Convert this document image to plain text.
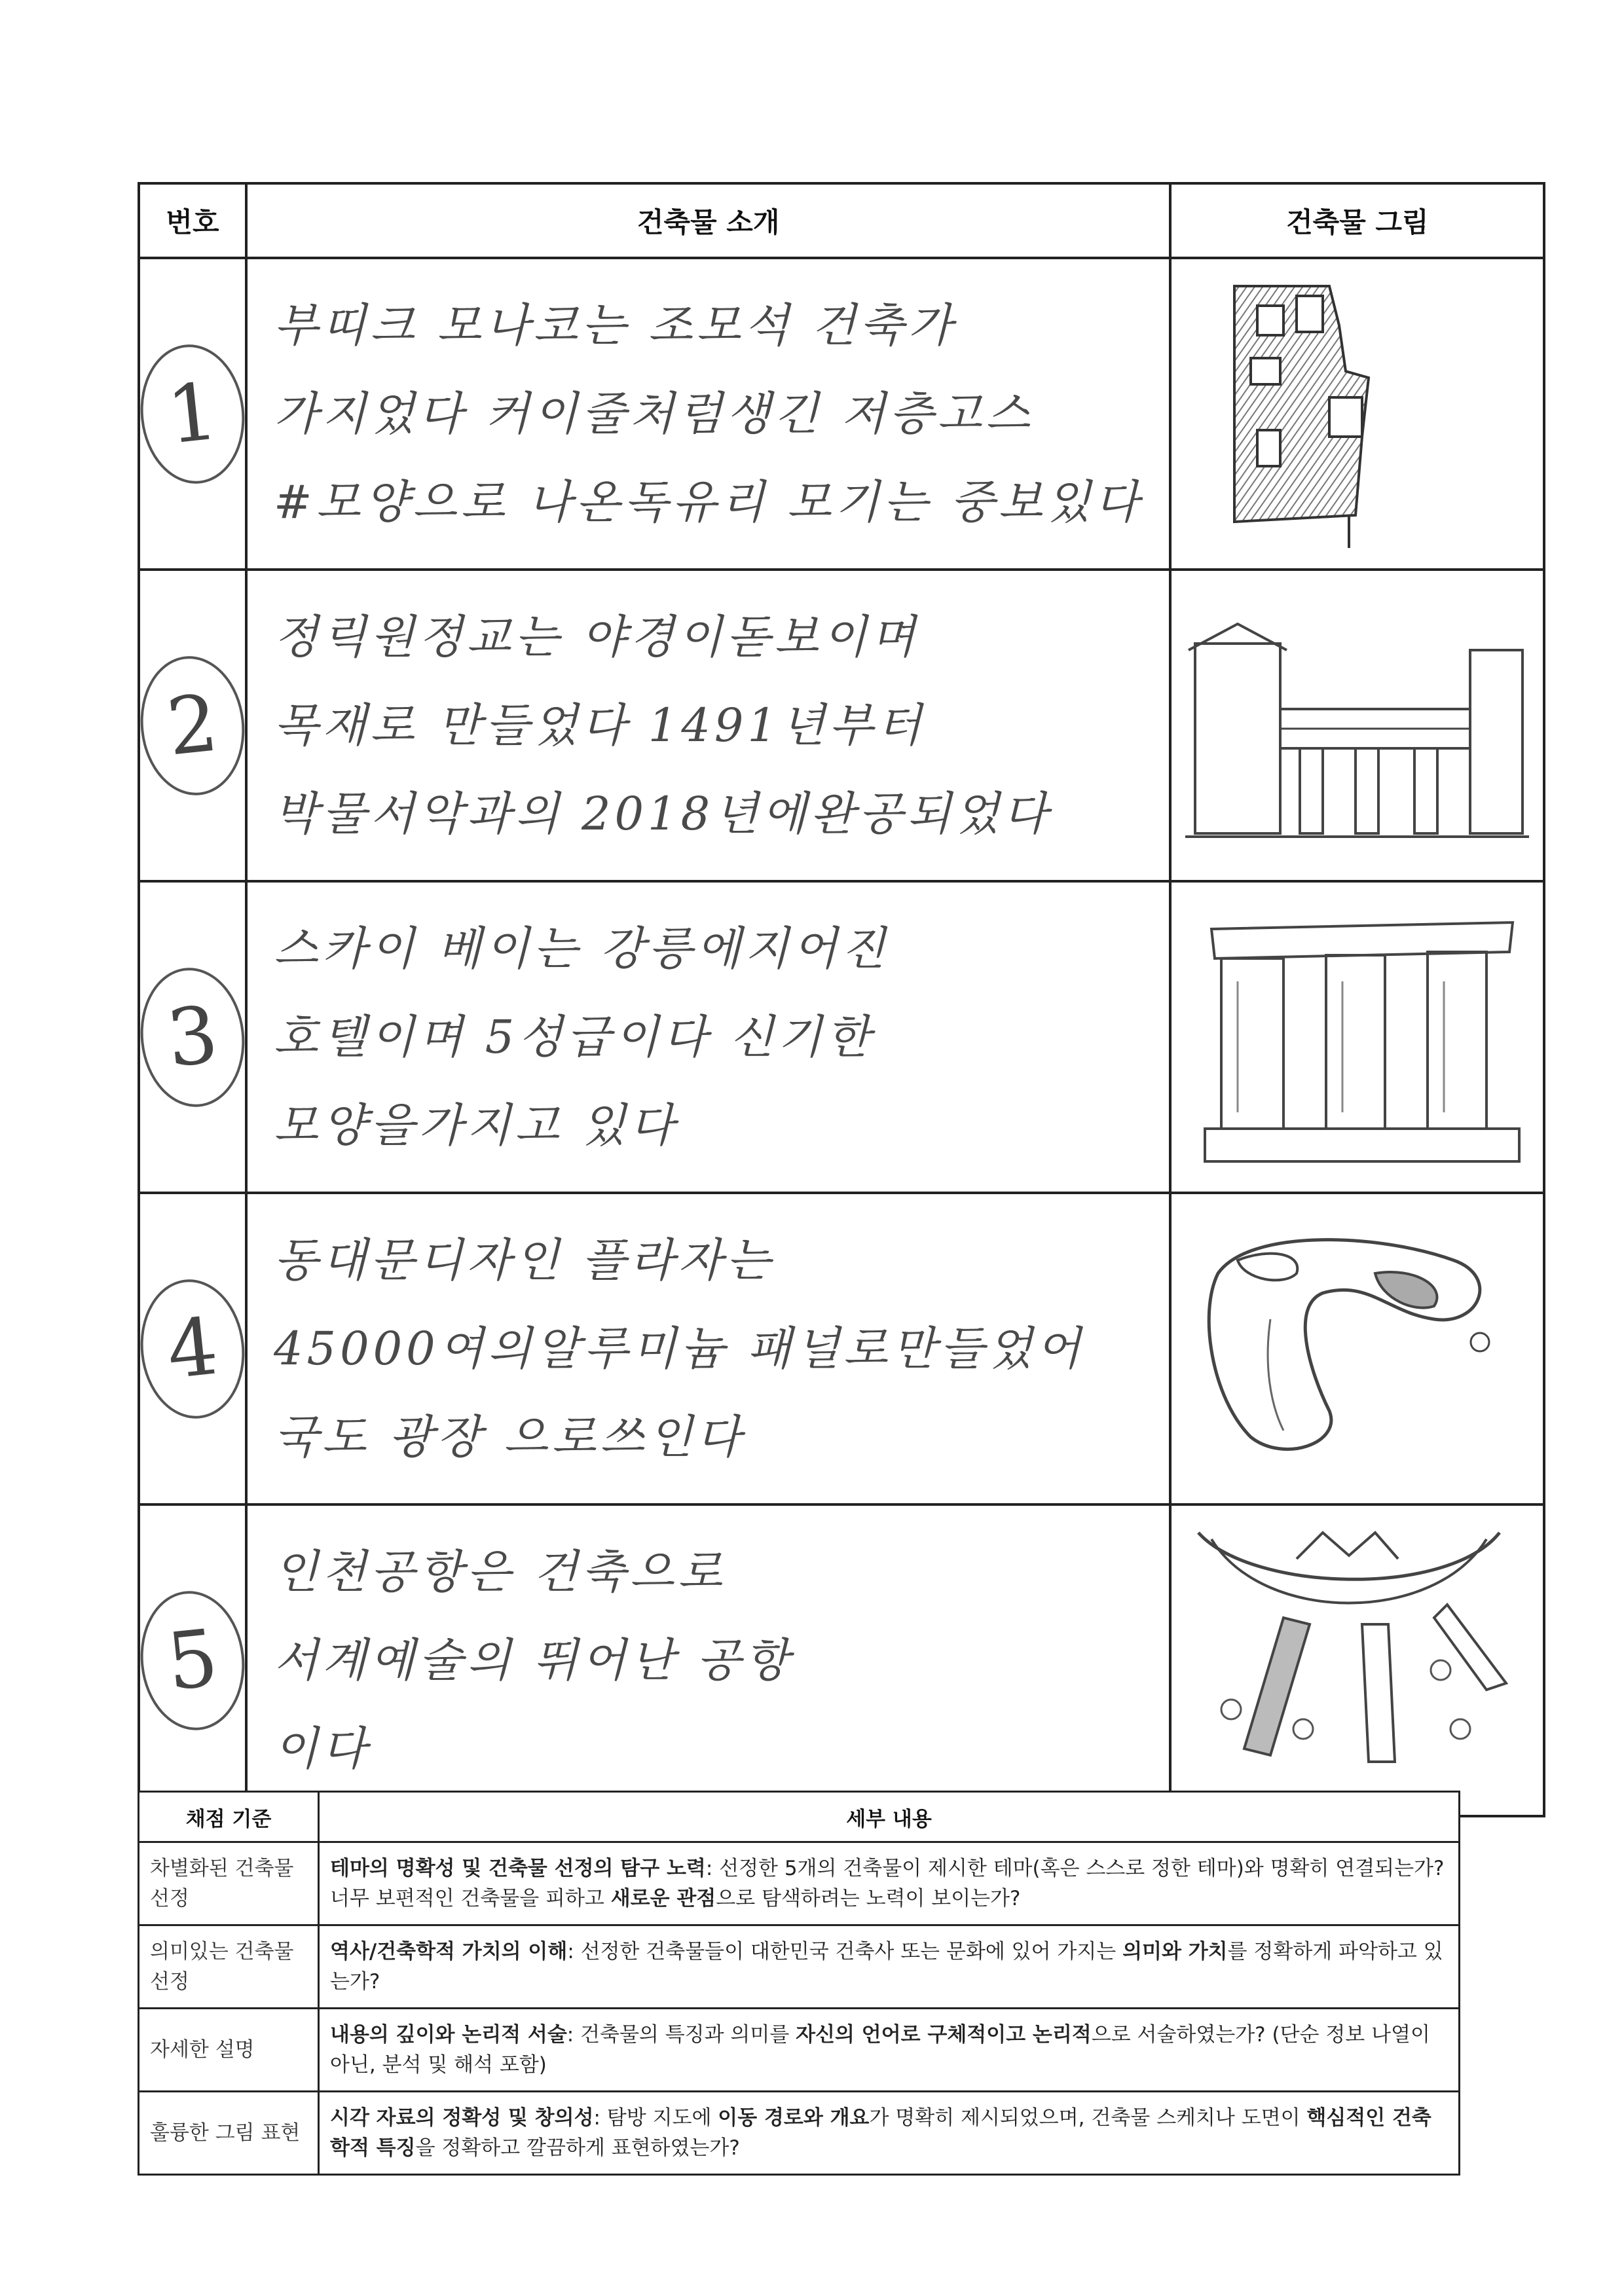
번호	건축물 소개	건축물 그림
1	부띠크 모나코는 조모석 건축가
가지었다 커이줄처럼생긴 저층고스
#모양으로 나온독유리 모기는 중보있다

2	정릭원정교는 야경이돋보이며
목재로 만들었다 1491년부터
박물서악과의 2018년에완공되었다

3	스카이 베이는 강릉에지어진
호텔이며 5성급이다 신기한
모양을가지고 있다

4	동대문디자인 플라자는
45000여의알루미늄 패널로만들었어
국도 광장 으로쓰인다

5	인천공항은 건축으로
서계예술의 뛰어난 공항
이다

채점 기준	세부 내용
차별화된 건축물 선정	테마의 명확성 및 건축물 선정의 탐구 노력: 선정한 5개의 건축물이 제시한 테마(혹은 스스로 정한 테마)와 명확히 연결되는가? 너무 보편적인 건축물을 피하고 새로운 관점으로 탐색하려는 노력이 보이는가?
의미있는 건축물 선정	역사/건축학적 가치의 이해: 선정한 건축물들이 대한민국 건축사 또는 문화에 있어 가지는 의미와 가치를 정확하게 파악하고 있는가?
자세한 설명	내용의 깊이와 논리적 서술: 건축물의 특징과 의미를 자신의 언어로 구체적이고 논리적으로 서술하였는가? (단순 정보 나열이 아닌, 분석 및 해석 포함)
훌륭한 그림 표현	시각 자료의 정확성 및 창의성: 탐방 지도에 이동 경로와 개요가 명확히 제시되었으며, 건축물 스케치나 도면이 핵심적인 건축학적 특징을 정확하고 깔끔하게 표현하였는가?
